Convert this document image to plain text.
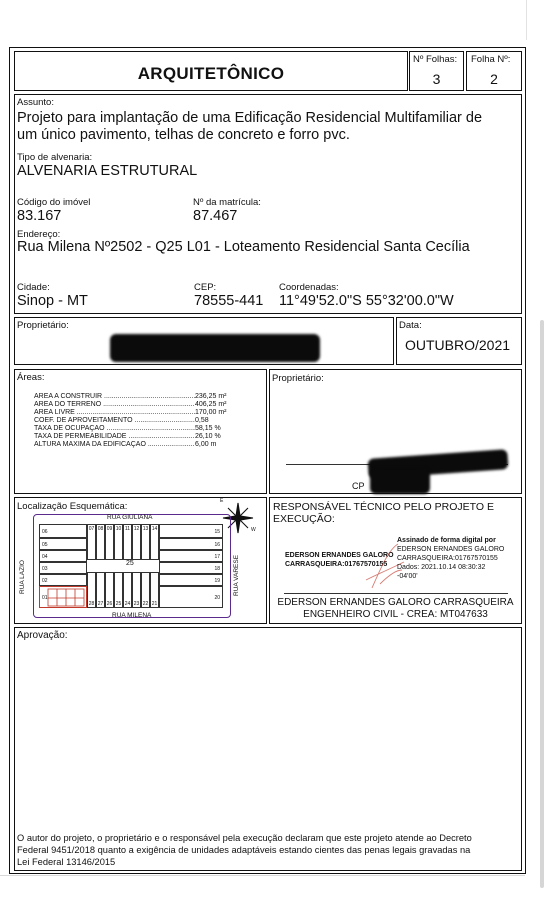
ARQUITETÔNICO
Nº Folhas:
3
Folha Nº:
2
Assunto:
Projeto para implantação de uma Edificação Residencial Multifamiliar de
um único pavimento, telhas de concreto e forro pvc.
Tipo de alvenaria:
ALVENARIA ESTRUTURAL
Código do imóvel
83.167
Nº da matrícula:
87.467
Endereço:
Rua Milena Nº2502 - Q25 L01 - Loteamento Residencial Santa Cecília
Cidade:
Sinop - MT
CEP:
78555-441
Coordenadas:
11°49'52.0"S 55°32'00.0"W
Proprietário:	Data:
OUTUBRO/2021
Áreas:
ÁREA A CONSTRUIR .....	236,25 m²
ÁREA DO TERRENO .....	406,25 m²
ÁREA LIVRE .....	170,00 m²
COEF. DE APROVEITAMENTO .....	0,58
TAXA DE OCUPAÇÃO .....	58,15 %
TAXA DE PERMEABILIDADE .....	26,10 %
ALTURA MÁXIMA DA EDIFICAÇÃO .....	6,00 m
Proprietário:
CP
Localização Esquemática:	E
W
RUA GIULIANA
RUA MILENA
RUA LAZIO	RUA VARESE
25
06
05
04
03
02
01
07 08 09 10 11 12 13 14
28 27 26 25 24 23 22 21
15
16
17
18
19
20
RESPONSÁVEL TÉCNICO PELO PROJETO E EXECUÇÃO:
EDERSON ERNANDES GALORO
CARRASQUEIRA:01767570155
Assinado de forma digital por
EDERSON ERNANDES GALORO
CARRASQUEIRA:01767570155
Dados: 2021.10.14 08:30:32
-04'00'
EDERSON ERNANDES GALORO CARRASQUEIRA
ENGENHEIRO CIVIL - CREA: MT047633
Aprovação:
O autor do projeto, o proprietário e o responsável pela execução declaram que este projeto atende ao Decreto
Federal 9451/2018 quanto a exigência de unidades adaptáveis estando cientes das penas legais gravadas na
Lei Federal 13146/2015
